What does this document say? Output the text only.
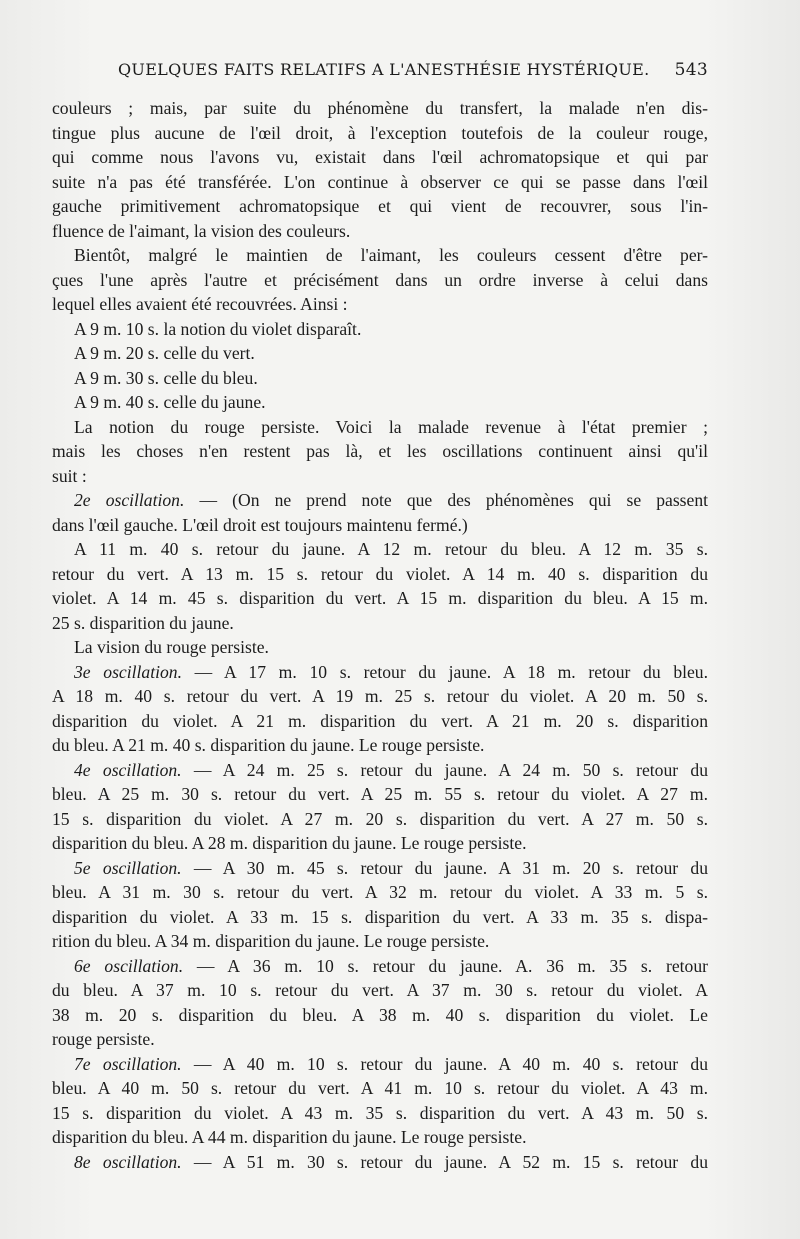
QUELQUES FAITS RELATIFS A L'ANESTHÉSIE HYSTÉRIQUE. 543

couleurs ; mais, par suite du phénomène du transfert, la malade n'en dis-

tingue plus aucune de l'œil droit, à l'exception toutefois de la couleur rouge,

qui comme nous l'avons vu, existait dans l'œil achromatopsique et qui par

suite n'a pas été transférée. L'on continue à observer ce qui se passe dans l'œil

gauche primitivement achromatopsique et qui vient de recouvrer, sous l'in-

fluence de l'aimant, la vision des couleurs.

Bientôt, malgré le maintien de l'aimant, les couleurs cessent d'être per-

çues l'une après l'autre et précisément dans un ordre inverse à celui dans

lequel elles avaient été recouvrées. Ainsi :

A 9 m. 10 s. la notion du violet disparaît.

A 9 m. 20 s. celle du vert.

A 9 m. 30 s. celle du bleu.

A 9 m. 40 s. celle du jaune.

La notion du rouge persiste. Voici la malade revenue à l'état premier ;

mais les choses n'en restent pas là, et les oscillations continuent ainsi qu'il

suit :

2e oscillation. — (On ne prend note que des phénomènes qui se passent

dans l'œil gauche. L'œil droit est toujours maintenu fermé.)

A 11 m. 40 s. retour du jaune. A 12 m. retour du bleu. A 12 m. 35 s.

retour du vert. A 13 m. 15 s. retour du violet. A 14 m. 40 s. disparition du

violet. A 14 m. 45 s. disparition du vert. A 15 m. disparition du bleu. A 15 m.

25 s. disparition du jaune.

La vision du rouge persiste.

3e oscillation. — A 17 m. 10 s. retour du jaune. A 18 m. retour du bleu.

A 18 m. 40 s. retour du vert. A 19 m. 25 s. retour du violet. A 20 m. 50 s.

disparition du violet. A 21 m. disparition du vert. A 21 m. 20 s. disparition

du bleu. A 21 m. 40 s. disparition du jaune. Le rouge persiste.

4e oscillation. — A 24 m. 25 s. retour du jaune. A 24 m. 50 s. retour du

bleu. A 25 m. 30 s. retour du vert. A 25 m. 55 s. retour du violet. A 27 m.

15 s. disparition du violet. A 27 m. 20 s. disparition du vert. A 27 m. 50 s.

disparition du bleu. A 28 m. disparition du jaune. Le rouge persiste.

5e oscillation. — A 30 m. 45 s. retour du jaune. A 31 m. 20 s. retour du

bleu. A 31 m. 30 s. retour du vert. A 32 m. retour du violet. A 33 m. 5 s.

disparition du violet. A 33 m. 15 s. disparition du vert. A 33 m. 35 s. dispa-

rition du bleu. A 34 m. disparition du jaune. Le rouge persiste.

6e oscillation. — A 36 m. 10 s. retour du jaune. A. 36 m. 35 s. retour

du bleu. A 37 m. 10 s. retour du vert. A 37 m. 30 s. retour du violet. A

38 m. 20 s. disparition du bleu. A 38 m. 40 s. disparition du violet. Le

rouge persiste.

7e oscillation. — A 40 m. 10 s. retour du jaune. A 40 m. 40 s. retour du

bleu. A 40 m. 50 s. retour du vert. A 41 m. 10 s. retour du violet. A 43 m.

15 s. disparition du violet. A 43 m. 35 s. disparition du vert. A 43 m. 50 s.

disparition du bleu. A 44 m. disparition du jaune. Le rouge persiste.

8e oscillation. — A 51 m. 30 s. retour du jaune. A 52 m. 15 s. retour du
